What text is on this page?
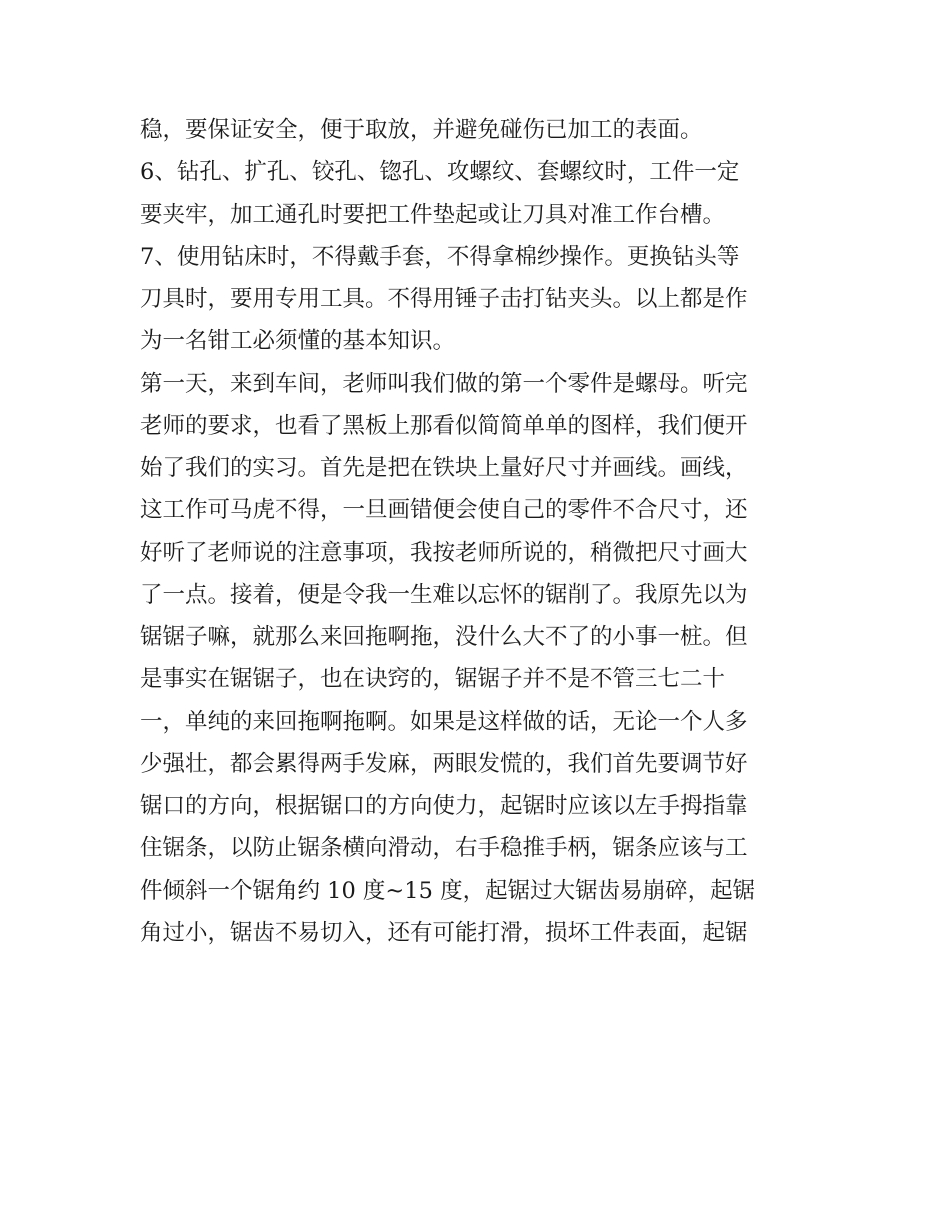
稳，要保证安全，便于取放，并避免碰伤已加工的表面。
6、钻孔、扩孔、铰孔、锪孔、攻螺纹、套螺纹时，工件一定
要夹牢，加工通孔时要把工件垫起或让刀具对准工作台槽。
7、使用钻床时，不得戴手套，不得拿棉纱操作。更换钻头等
刀具时，要用专用工具。不得用锤子击打钻夹头。以上都是作
为一名钳工必须懂的基本知识。
第一天，来到车间，老师叫我们做的第一个零件是螺母。听完
老师的要求，也看了黑板上那看似简简单单的图样，我们便开
始了我们的实习。首先是把在铁块上量好尺寸并画线。画线，
这工作可马虎不得，一旦画错便会使自己的零件不合尺寸，还
好听了老师说的注意事项，我按老师所说的，稍微把尺寸画大
了一点。接着，便是令我一生难以忘怀的锯削了。我原先以为
锯锯子嘛，就那么来回拖啊拖，没什么大不了的小事一桩。但
是事实在锯锯子，也在诀窍的，锯锯子并不是不管三七二十
一，单纯的来回拖啊拖啊。如果是这样做的话，无论一个人多
少强壮，都会累得两手发麻，两眼发慌的，我们首先要调节好
锯口的方向，根据锯口的方向使力，起锯时应该以左手拇指靠
住锯条，以防止锯条横向滑动，右手稳推手柄，锯条应该与工
件倾斜一个锯角约 10 度~15 度，起锯过大锯齿易崩碎，起锯
角过小，锯齿不易切入，还有可能打滑，损坏工件表面，起锯
